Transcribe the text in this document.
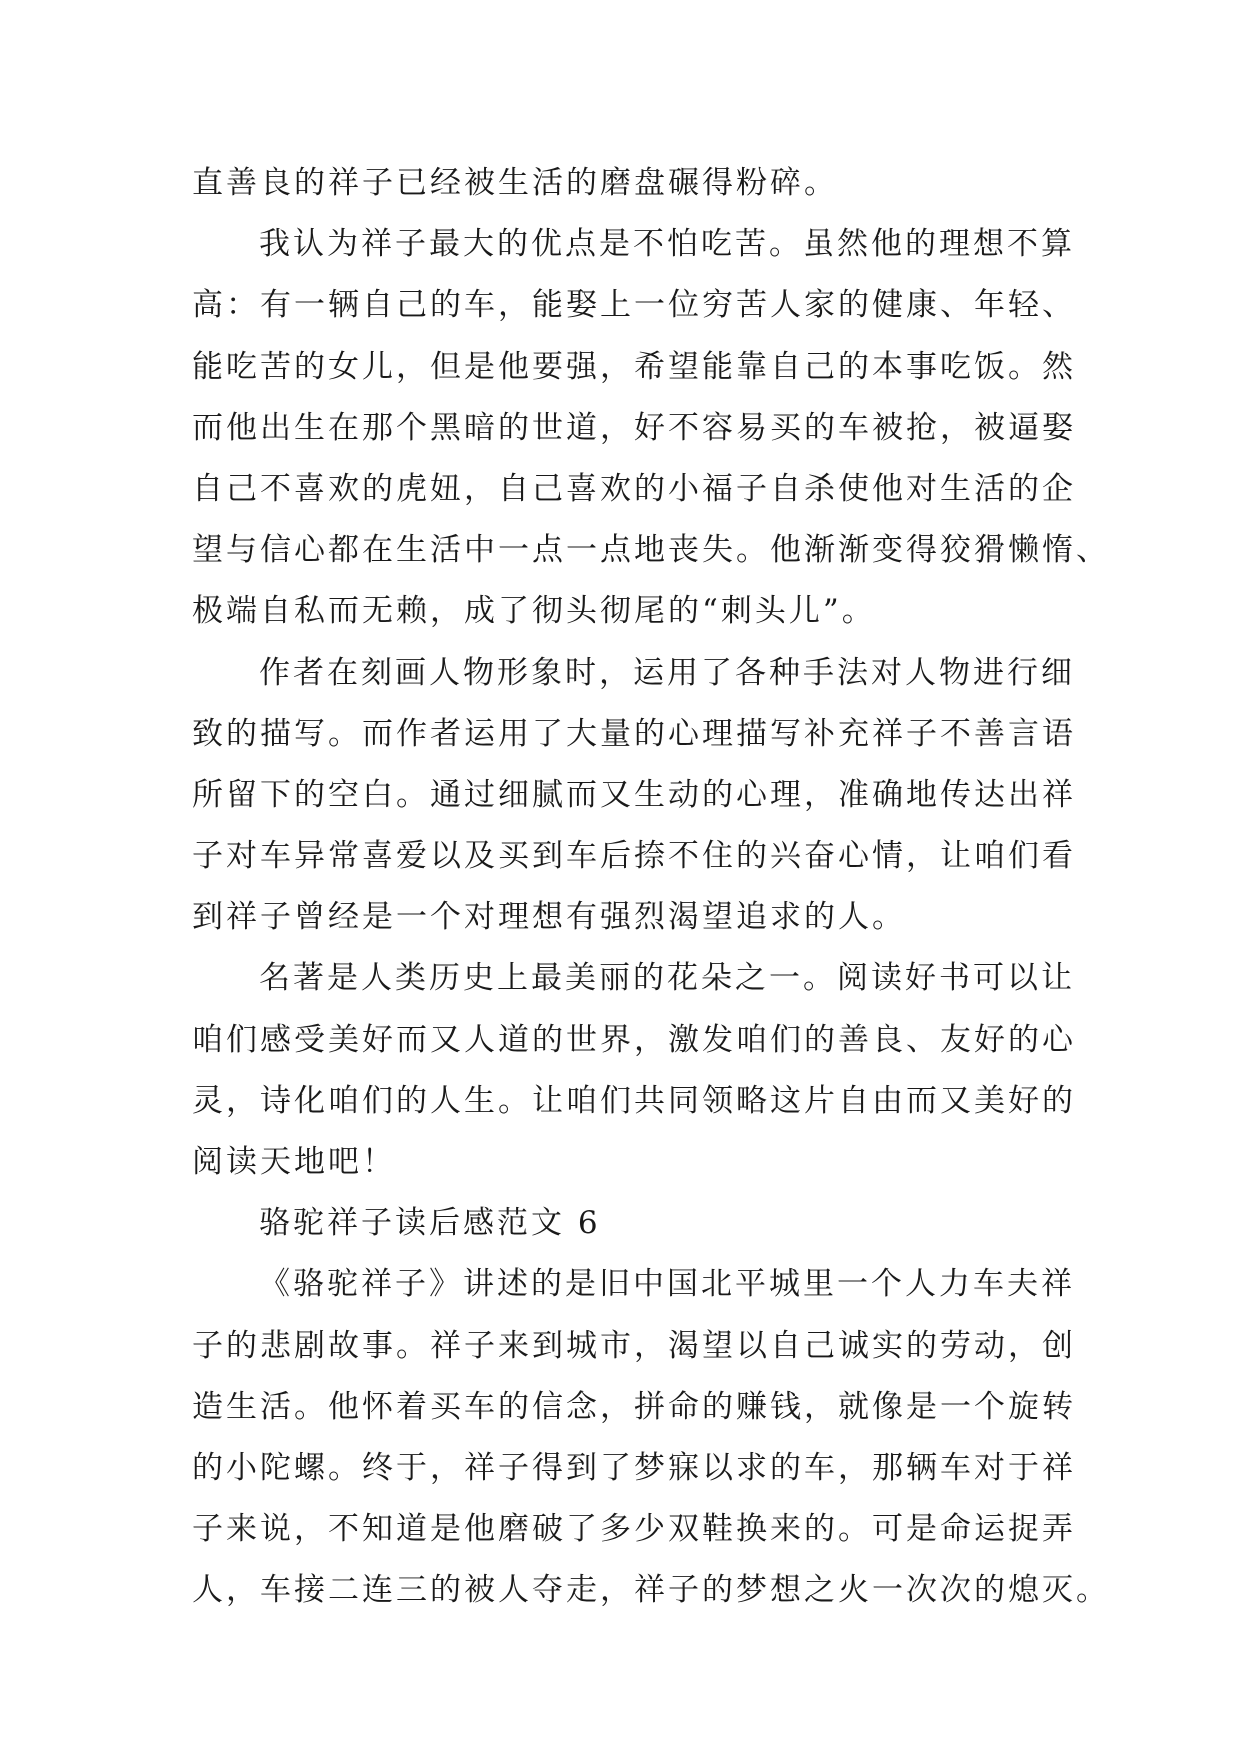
直善良的祥子已经被生活的磨盘碾得粉碎。
我认为祥子最大的优点是不怕吃苦。虽然他的理想不算
高：有一辆自己的车，能娶上一位穷苦人家的健康、年轻、
能吃苦的女儿，但是他要强，希望能靠自己的本事吃饭。然
而他出生在那个黑暗的世道，好不容易买的车被抢，被逼娶
自己不喜欢的虎妞，自己喜欢的小福子自杀使他对生活的企
望与信心都在生活中一点一点地丧失。他渐渐变得狡猾懒惰、
极端自私而无赖，成了彻头彻尾的“刺头儿”。
作者在刻画人物形象时，运用了各种手法对人物进行细
致的描写。而作者运用了大量的心理描写补充祥子不善言语
所留下的空白。通过细腻而又生动的心理，准确地传达出祥
子对车异常喜爱以及买到车后捺不住的兴奋心情，让咱们看
到祥子曾经是一个对理想有强烈渴望追求的人。
名著是人类历史上最美丽的花朵之一。阅读好书可以让
咱们感受美好而又人道的世界，激发咱们的善良、友好的心
灵，诗化咱们的人生。让咱们共同领略这片自由而又美好的
阅读天地吧！
骆驼祥子读后感范文 6
《骆驼祥子》讲述的是旧中国北平城里一个人力车夫祥
子的悲剧故事。祥子来到城市，渴望以自己诚实的劳动，创
造生活。他怀着买车的信念，拼命的赚钱，就像是一个旋转
的小陀螺。终于，祥子得到了梦寐以求的车，那辆车对于祥
子来说，不知道是他磨破了多少双鞋换来的。可是命运捉弄
人，车接二连三的被人夺走，祥子的梦想之火一次次的熄灭。
